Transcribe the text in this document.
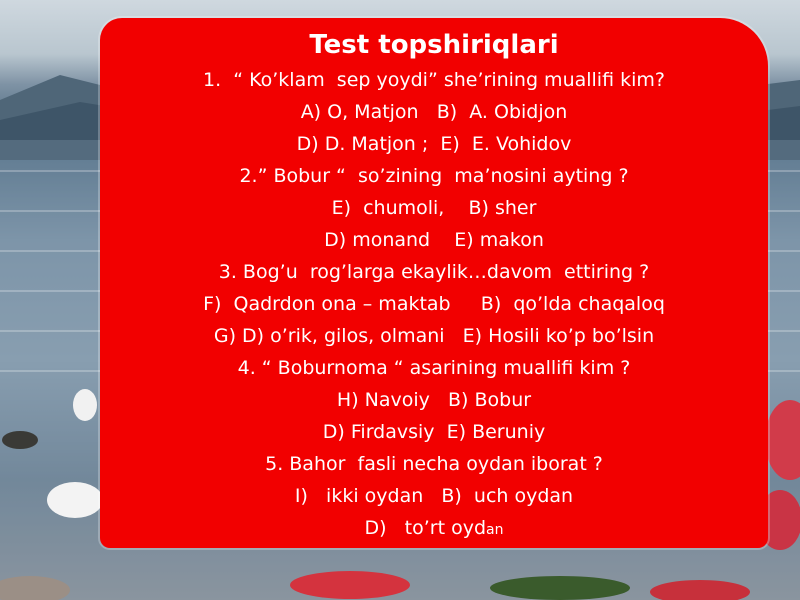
Test topshiriqlari
1.  “ Ko’klam  sep yoydi” she’rining muallifi kim?
A) O, Matjon   B)  A. Obidjon
D) D. Matjon ;  E)  E. Vohidov
2.” Bobur “  so’zining  ma’nosini ayting ?
E)  chumoli,    B) sher
D) monand    E) makon
3. Bog’u  rog’larga ekaylik…davom  ettiring ?
F)  Qadrdon ona – maktab     B)  qo’lda chaqaloq
G) D) o’rik, gilos, olmani   E) Hosili ko’p bo’lsin
4. “ Boburnoma “ asarining muallifi kim ?
H) Navoiy   B) Bobur
D) Firdavsiy  E) Beruniy
5. Bahor  fasli necha oydan iborat ?
I)   ikki oydan   B)  uch oydan
D)   to’rt oydan
